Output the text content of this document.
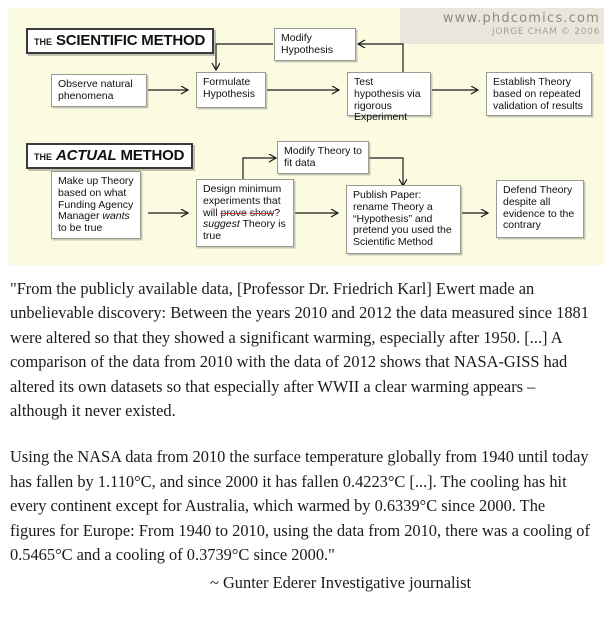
www.phdcomics.com
JORGE CHAM © 2006
THE SCIENTIFIC METHOD
THE ACTUAL METHOD
Observe natural phenomena
Formulate Hypothesis
Modify Hypothesis
Test hypothesis via rigorous Experiment
Establish Theory based on repeated validation of results
Make up Theory based on what Funding Agency Manager wants to be true
Design minimum experiments that will prove show? suggest Theory is true
Modify Theory to fit data
Publish Paper: rename Theory a “Hypothesis” and pretend you used the Scientific Method
Defend Theory despite all evidence to the contrary

"From the publicly available data, [Professor Dr. Friedrich Karl] Ewert made an unbelievable discovery: Between the years 2010 and 2012 the data measured since 1881 were altered so that they showed a significant warming, especially after 1950. [...] A comparison of the data from 2010 with the data of 2012 shows that NASA-GISS had altered its own datasets so that especially after WWII a clear warming appears – although it never existed.

Using the NASA data from 2010 the surface temperature globally from 1940 until today has fallen by 1.110°C, and since 2000 it has fallen 0.4223°C [...]. The cooling has hit every continent except for Australia, which warmed by 0.6339°C since 2000. The figures for Europe: From 1940 to 2010, using the data from 2010, there was a cooling of 0.5465°C and a cooling of 0.3739°C since 2000."

~ Gunter Ederer Investigative journalist
